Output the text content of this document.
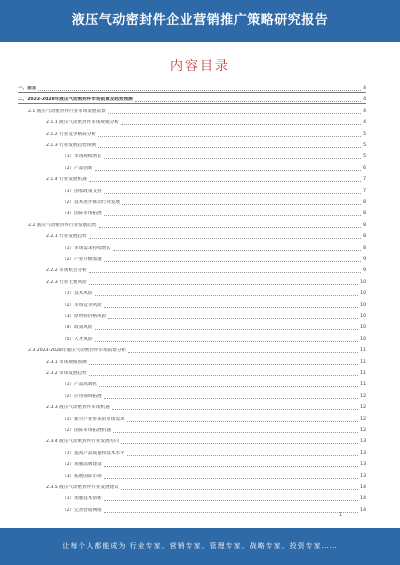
液压气动密封件企业营销推广策略研究报告
内容目录
一、前言	4
二、2023-2028年液压气动密封件市场前景及趋势预测	4
2.1 液压气动密封件行业市场发展前景	4
2.1.1 液压气动密封件市场规模分析	4
2.1.2 行业竞争格局分析	5
2.1.3 行业发展趋势预测	5
（1）市场规模增长	5
（2）产品创新	6
2.1.4 行业发展机遇	7
（1）国家政策支持	7
（2）技术进步推动行业发展	8
（3）国际市场拓展	8
2.2 液压气动密封件行业发展趋势	8
2.2.1 行业发展趋势	8
（1）市场需求持续增长	8
（2）产业升级加速	9
2.2.2 市场机会分析	9
2.2.3 行业主要风险	10
（1）技术风险	10
（2）市场竞争风险	10
（3）原材料价格风险	10
（4）政策风险	10
（5）人才风险	10
2.3 2023-2028年液压气动密封件市场前景分析	11
2.3.1 市场规模预测	11
2.3.2 市场发展趋势	11
（1）产品高端化	11
（2）应用领域拓展	12
2.3.3 液压气动密封件市场机遇	12
（1）新兴产业带来的市场需求	12
（2）国际市场拓展机遇	12
2.3.4 液压气动密封件行业发展方向	13
（1）提高产品质量和技术水平	13
（2）加强品牌建设	13
（3）拓展国际市场	13
2.3.5 液压气动密封件行业发展建议	14
（1）加强技术创新	14
（2）完善营销网络	14
1
让每个人都能成为 行业专家、营销专家、管理专家、战略专家、投资专家……
